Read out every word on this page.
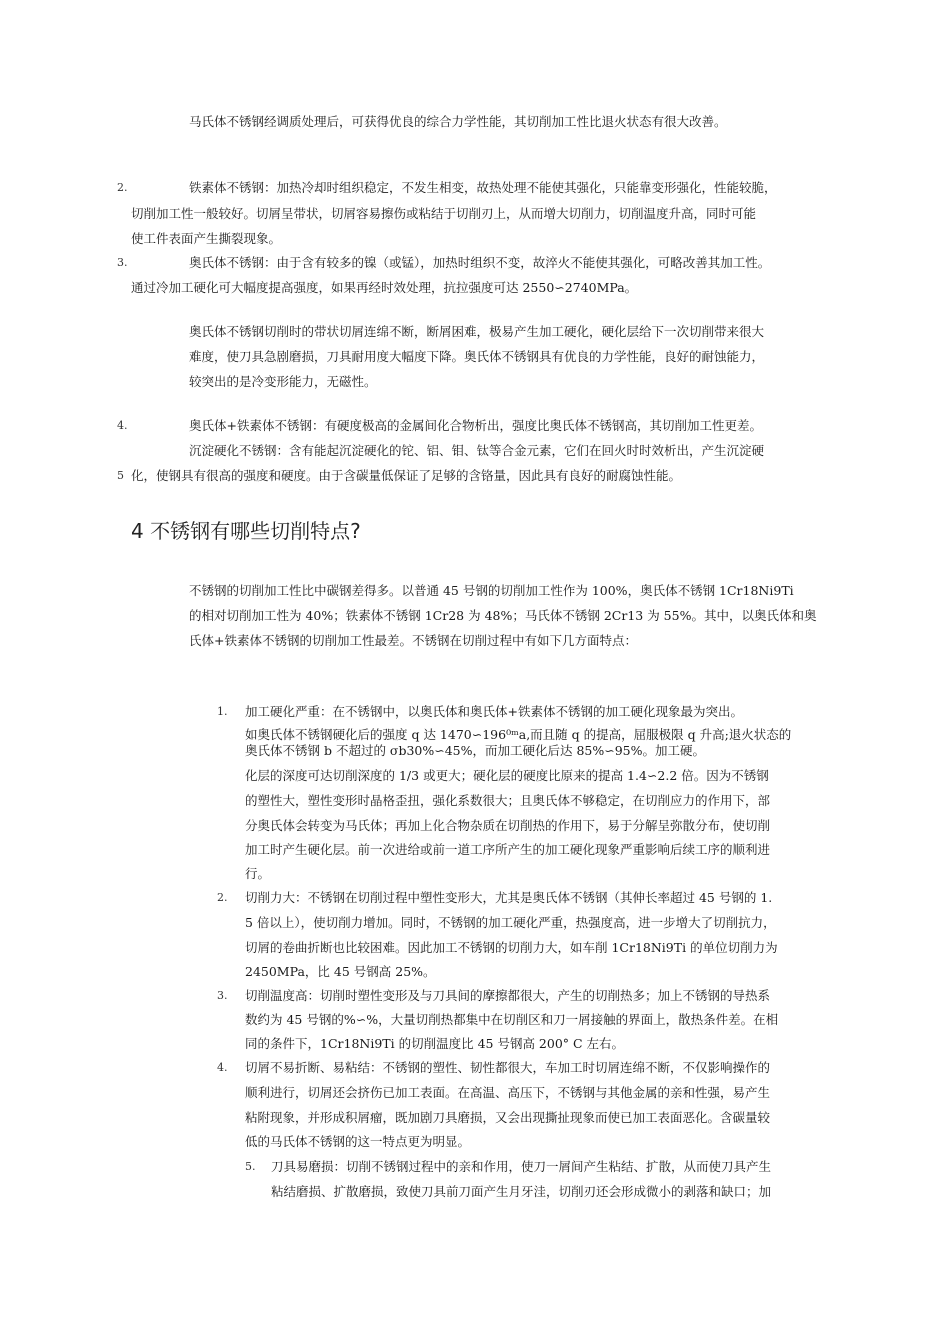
马氏体不锈钢经调质处理后，可获得优良的综合力学性能，其切削加工性比退火状态有很大改善。
2.	铁素体不锈钢：加热冷却时组织稳定，不发生相变，故热处理不能使其强化，只能靠变形强化，性能较脆，
切削加工性一般较好。切屑呈带状，切屑容易擦伤或粘结于切削刃上，从而增大切削力，切削温度升高，同时可能
使工件表面产生撕裂现象。
3.	奥氏体不锈钢：由于含有较多的镍（或锰），加热时组织不变，故淬火不能使其强化，可略改善其加工性。
通过冷加工硬化可大幅度提高强度，如果再经时效处理，抗拉强度可达 2550∽2740MPa。
奥氏体不锈钢切削时的带状切屑连绵不断，断屑困难，极易产生加工硬化，硬化层给下一次切削带来很大
难度，使刀具急剧磨损，刀具耐用度大幅度下降。奥氏体不锈钢具有优良的力学性能，良好的耐蚀能力，
较突出的是冷变形能力，无磁性。
4.	奥氏体+铁素体不锈钢：有硬度极高的金属间化合物析出，强度比奥氏体不锈钢高，其切削加工性更差。
沉淀硬化不锈钢：含有能起沉淀硬化的铊、铝、钼、钛等合金元素，它们在回火时时效析出，产生沉淀硬
5 化，使钢具有很高的强度和硬度。由于含碳量低保证了足够的含铬量，因此具有良好的耐腐蚀性能。
4 不锈钢有哪些切削特点?
不锈钢的切削加工性比中碳钢差得多。以普通 45 号钢的切削加工性作为 100%，奥氏体不锈钢 1Cr18Ni9Ti
的相对切削加工性为 40%；铁素体不锈钢 1Cr28 为 48%；马氏体不锈钢 2Cr13 为 55%。其中，以奥氏体和奥
氏体+铁素体不锈钢的切削加工性最差。不锈钢在切削过程中有如下几方面特点：
1. 加工硬化严重：在不锈钢中，以奥氏体和奥氏体+铁素体不锈钢的加工硬化现象最为突出。
如奥氏体不锈钢硬化后的强度 q 达 1470∽196⁰ᵐa,而且随 q 的提高，屈服极限 q 升高;退火状态的
奥氏体不锈钢 b 不超过的 σb30%∽45%，而加工硬化后达 85%∽95%。加工硬。
化层的深度可达切削深度的 1/3 或更大；硬化层的硬度比原来的提高 1.4∽2.2 倍。因为不锈钢
的塑性大，塑性变形时晶格歪扭，强化系数很大；且奥氏体不够稳定，在切削应力的作用下，部
分奥氏体会转变为马氏体；再加上化合物杂质在切削热的作用下，易于分解呈弥散分布，使切削
加工时产生硬化层。前一次进给或前一道工序所产生的加工硬化现象严重影响后续工序的顺利进
行。
2. 切削力大：不锈钢在切削过程中塑性变形大，尤其是奥氏体不锈钢（其伸长率超过 45 号钢的 1.
5 倍以上），使切削力增加。同时，不锈钢的加工硬化严重，热强度高，进一步增大了切削抗力，
切屑的卷曲折断也比较困难。因此加工不锈钢的切削力大，如车削 1Cr18Ni9Ti 的单位切削力为
2450MPa，比 45 号钢高 25%。
3. 切削温度高：切削时塑性变形及与刀具间的摩擦都很大，产生的切削热多；加上不锈钢的导热系
数约为 45 号钢的%∽%，大量切削热都集中在切削区和刀一屑接触的界面上，散热条件差。在相
同的条件下，1Cr18Ni9Ti 的切削温度比 45 号钢高 200° C 左右。
4. 切屑不易折断、易粘结：不锈钢的塑性、韧性都很大，车加工时切屑连绵不断，不仅影响操作的
顺利进行，切屑还会挤伤已加工表面。在高温、高压下，不锈钢与其他金属的亲和性强，易产生
粘附现象，并形成积屑瘤，既加剧刀具磨损，又会出现撕扯现象而使已加工表面恶化。含碳量较
低的马氏体不锈钢的这一特点更为明显。
5. 刀具易磨损：切削不锈钢过程中的亲和作用，使刀一屑间产生粘结、扩散，从而使刀具产生
粘结磨损、扩散磨损，致使刀具前刀面产生月牙洼，切削刃还会形成微小的剥落和缺口；加
